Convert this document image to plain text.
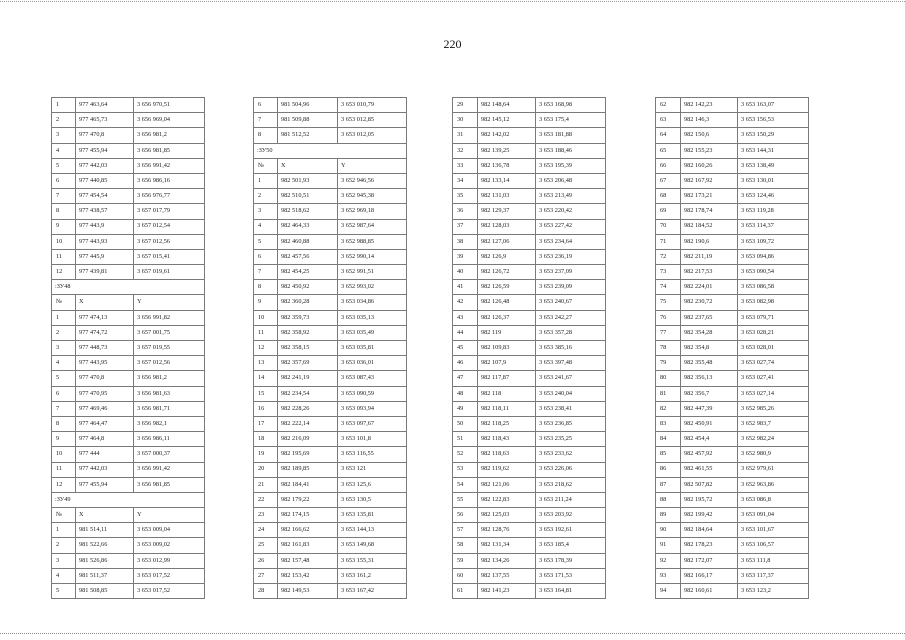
220
1	977 463,64	3 656 970,51
2	977 465,73	3 656 969,04
3	977 470,8	3 656 981,2
4	977 455,94	3 656 981,85
5	977 442,03	3 656 991,42
6	977 440,85	3 656 986,16
7	977 454,54	3 656 976,77
8	977 438,57	3 657 017,79
9	977 443,9	3 657 012,54
10	977 443,93	3 657 012,56
11	977 445,9	3 657 015,41
12	977 439,81	3 657 019,61
:ЗУ48		
№	X	Y
1	977 474,13	3 656 991,82
2	977 474,72	3 657 001,75
3	977 448,73	3 657 019,55
4	977 443,95	3 657 012,56
5	977 470,8	3 656 981,2
6	977 470,95	3 656 981,63
7	977 469,46	3 656 981,71
8	977 464,47	3 656 982,1
9	977 464,8	3 656 986,11
10	977 444	3 657 000,37
11	977 442,03	3 656 991,42
12	977 455,94	3 656 981,85
:ЗУ49		
№	X	Y
1	981 514,11	3 653 009,04
2	981 522,66	3 653 009,02
3	981 526,86	3 653 012,99
4	981 511,37	3 653 017,52
5	981 508,85	3 653 017,52
6	981 504,96	3 653 010,79
7	981 509,88	3 653 012,85
8	981 512,52	3 653 012,05
:ЗУ50		
№	X	Y
1	982 501,93	3 652 946,56
2	982 510,51	3 652 945,38
3	982 518,62	3 652 969,18
4	982 464,33	3 652 987,64
5	982 460,88	3 652 988,85
6	982 457,56	3 652 990,14
7	982 454,25	3 652 991,51
8	982 450,92	3 652 993,02
9	982 360,28	3 653 034,86
10	982 359,73	3 653 035,13
11	982 358,92	3 653 035,49
12	982 358,15	3 653 035,81
13	982 357,69	3 653 036,01
14	982 241,19	3 653 087,43
15	982 234,54	3 653 090,59
16	982 228,26	3 653 093,94
17	982 222,14	3 653 097,67
18	982 216,09	3 653 101,8
19	982 195,69	3 653 116,55
20	982 189,85	3 653 121
21	982 184,41	3 653 125,6
22	982 179,22	3 653 130,5
23	982 174,15	3 653 135,81
24	982 166,62	3 653 144,13
25	982 161,83	3 653 149,68
26	982 157,48	3 653 155,31
27	982 153,42	3 653 161,2
28	982 149,53	3 653 167,42
29	982 148,64	3 653 168,98
30	982 145,12	3 653 175,4
31	982 142,02	3 653 181,88
32	982 139,25	3 653 188,46
33	982 136,78	3 653 195,39
34	982 133,14	3 653 206,48
35	982 131,03	3 653 213,49
36	982 129,37	3 653 220,42
37	982 128,03	3 653 227,42
38	982 127,06	3 653 234,64
39	982 126,9	3 653 236,19
40	982 126,72	3 653 237,09
41	982 126,59	3 653 239,09
42	982 126,48	3 653 240,67
43	982 126,37	3 653 242,27
44	982 119	3 653 357,28
45	982 109,83	3 653 385,16
46	982 107,9	3 653 397,48
47	982 117,87	3 653 241,67
48	982 118	3 653 240,04
49	982 118,11	3 653 238,41
50	982 118,25	3 653 236,85
51	982 118,43	3 653 235,25
52	982 118,63	3 653 233,62
53	982 119,62	3 653 226,06
54	982 121,06	3 653 218,62
55	982 122,83	3 653 211,24
56	982 125,03	3 653 203,92
57	982 128,76	3 653 192,61
58	982 131,34	3 653 185,4
59	982 134,26	3 653 178,39
60	982 137,55	3 653 171,53
61	982 141,23	3 653 164,81
62	982 142,23	3 653 163,07
63	982 146,3	3 653 156,53
64	982 150,6	3 653 150,29
65	982 155,23	3 653 144,31
66	982 160,26	3 653 138,49
67	982 167,92	3 653 130,01
68	982 173,21	3 653 124,46
69	982 178,74	3 653 119,28
70	982 184,52	3 653 114,37
71	982 190,6	3 653 109,72
72	982 211,19	3 653 094,86
73	982 217,53	3 653 090,54
74	982 224,01	3 653 086,58
75	982 230,72	3 653 082,98
76	982 237,65	3 653 079,71
77	982 354,28	3 653 028,21
78	982 354,8	3 653 028,01
79	982 355,48	3 653 027,74
80	982 356,13	3 653 027,41
81	982 356,7	3 653 027,14
82	982 447,39	3 652 985,26
83	982 450,91	3 652 983,7
84	982 454,4	3 652 982,24
85	982 457,92	3 652 980,9
86	982 461,55	3 652 979,61
87	982 507,82	3 652 963,86
88	982 195,72	3 653 086,8
89	982 199,42	3 653 091,04
90	982 184,64	3 653 101,67
91	982 178,23	3 653 106,57
92	982 172,07	3 653 111,8
93	982 166,17	3 653 117,37
94	982 160,61	3 653 123,2
